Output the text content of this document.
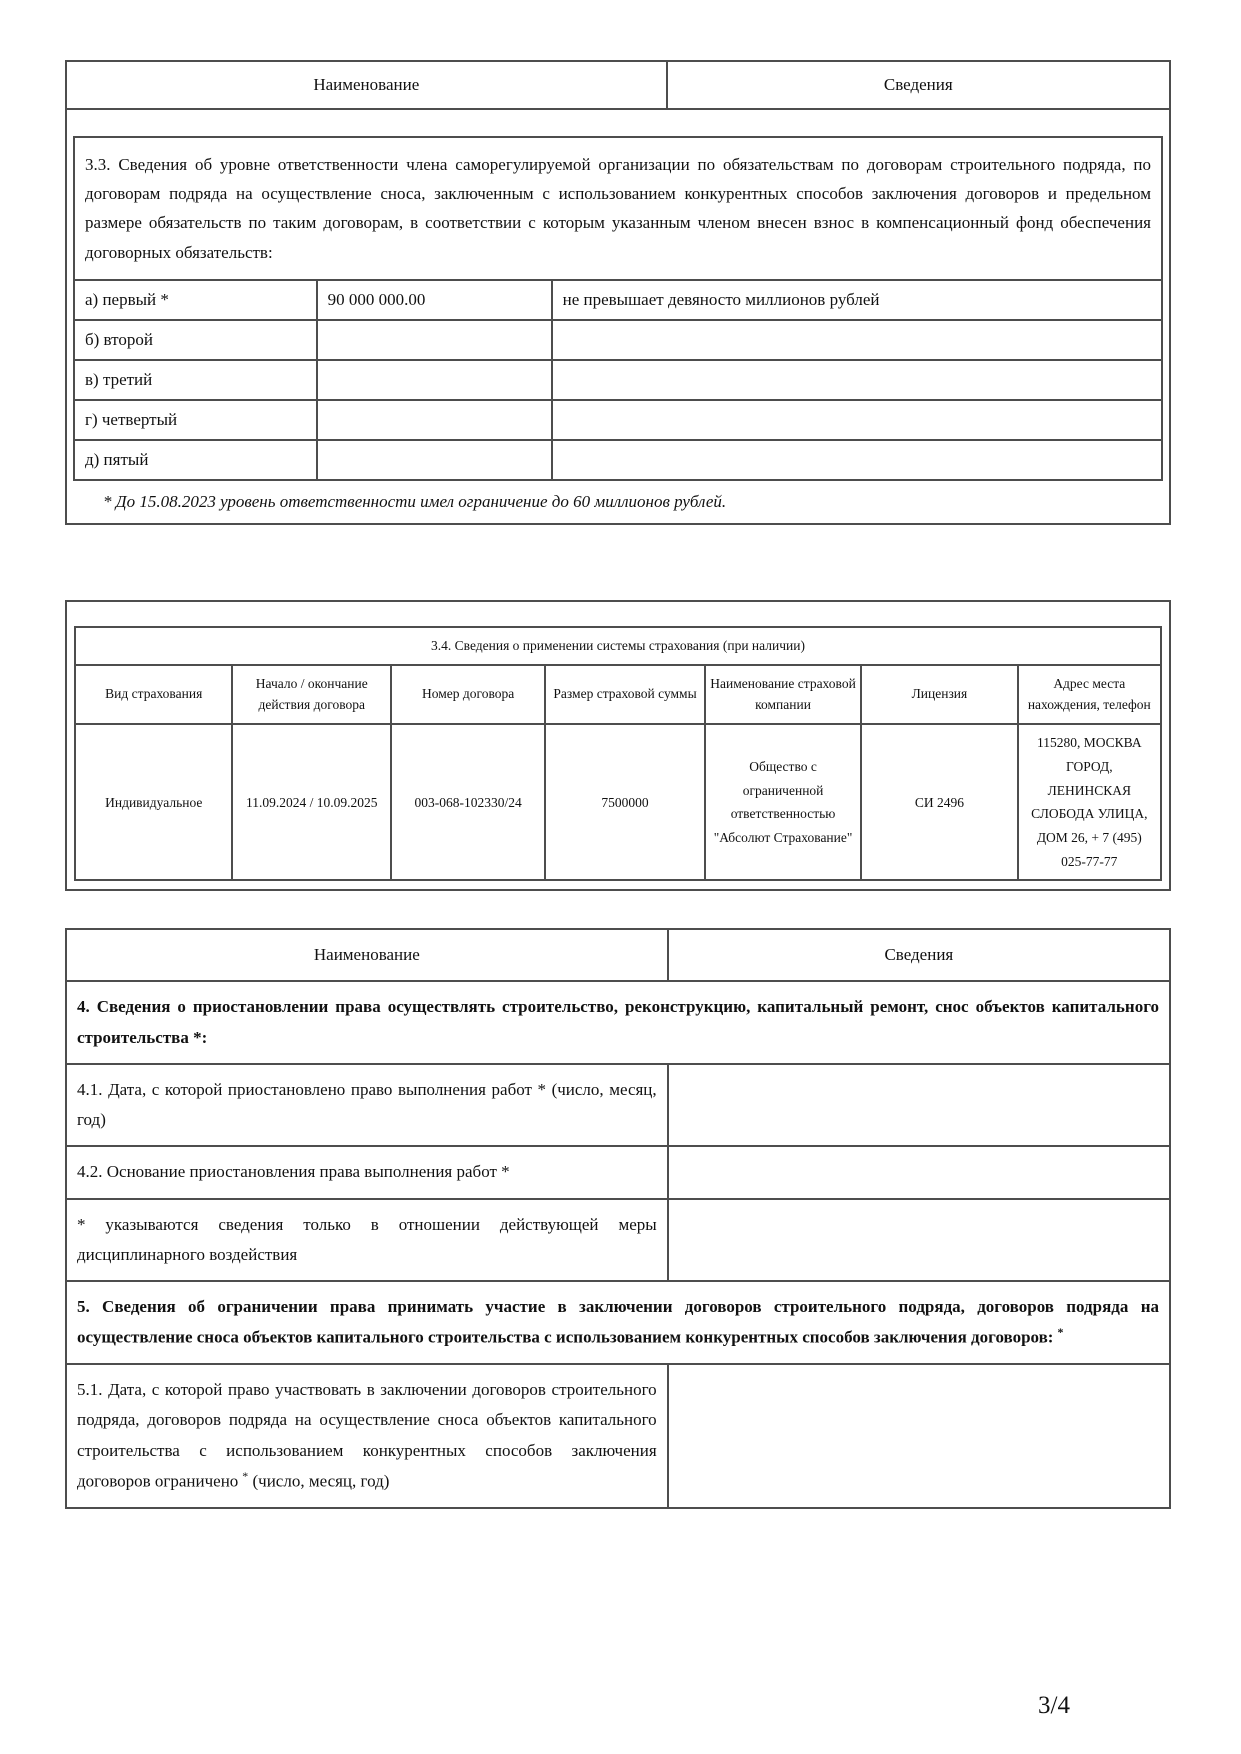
Наименование	Сведения
3.3. Сведения об уровне ответственности члена саморегулируемой организации по обязательствам по договорам строительного подряда, по договорам подряда на осуществление сноса, заключенным с использованием конкурентных способов заключения договоров и предельном размере обязательств по таким договорам, в соответствии с которым указанным членом внесен взнос в компенсационный фонд обеспечения договорных обязательств:		
а) первый *	90 000 000.00	не превышает девяносто миллионов рублей
б) второй		
в) третий		
г) четвертый		
д) пятый		
* До 15.08.2023 уровень ответственности имел ограничение до 60 миллионов рублей.
3.4. Сведения о применении системы страхования (при наличии)						
Вид страхования	Начало / окончание действия договора	Номер договора	Размер страховой суммы	Наименование страховой компании	Лицензия	Адрес места нахождения, телефон
Индивидуальное	11.09.2024 / 10.09.2025	003-068-102330/24	7500000	Общество с ограниченной ответственностью "Абсолют Страхование"	СИ 2496	115280, МОСКВА ГОРОД, ЛЕНИНСКАЯ СЛОБОДА УЛИЦА, ДОМ 26, + 7 (495) 025-77-77
Наименование	Сведения
4. Сведения о приостановлении права осуществлять строительство, реконструкцию, капитальный ремонт, снос объектов капитального строительства *:	
4.1. Дата, с которой приостановлено право выполнения работ * (число, месяц, год)	
4.2. Основание приостановления права выполнения работ *	
* указываются сведения только в отношении действующей меры дисциплинарного воздействия	
5. Сведения об ограничении права принимать участие в заключении договоров строительного подряда, договоров подряда на осуществление сноса объектов капитального строительства с использованием конкурентных способов заключения договоров: *
5.1. Дата, с которой право участвовать в заключении договоров строительного подряда, договоров подряда на осуществление сноса объектов капитального строительства с использованием конкурентных способов заключения договоров ограничено * (число, месяц, год)	
3/4
